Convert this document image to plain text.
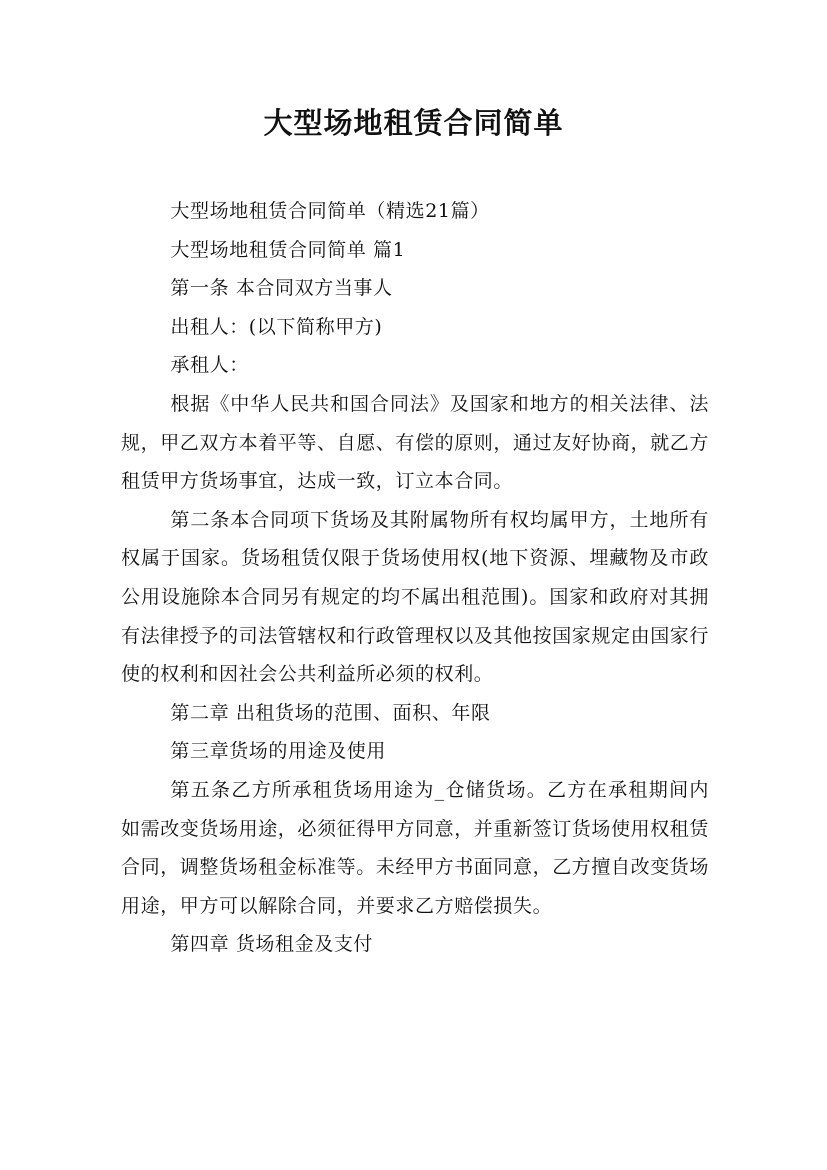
大型场地租赁合同简单

大型场地租赁合同简单（精选21篇）

大型场地租赁合同简单 篇1

第一条 本合同双方当事人

出租人：(以下简称甲方)

承租人：

根据《中华人民共和国合同法》及国家和地方的相关法律、法规，甲乙双方本着平等、自愿、有偿的原则，通过友好协商，就乙方租赁甲方货场事宜，达成一致，订立本合同。

第二条本合同项下货场及其附属物所有权均属甲方，土地所有权属于国家。货场租赁仅限于货场使用权(地下资源、埋藏物及市政公用设施除本合同另有规定的均不属出租范围)。国家和政府对其拥有法律授予的司法管辖权和行政管理权以及其他按国家规定由国家行使的权利和因社会公共利益所必须的权利。

第二章 出租货场的范围、面积、年限

第三章货场的用途及使用

第五条乙方所承租货场用途为_仓储货场。乙方在承租期间内如需改变货场用途，必须征得甲方同意，并重新签订货场使用权租赁合同，调整货场租金标准等。未经甲方书面同意，乙方擅自改变货场用途，甲方可以解除合同，并要求乙方赔偿损失。

第四章 货场租金及支付
